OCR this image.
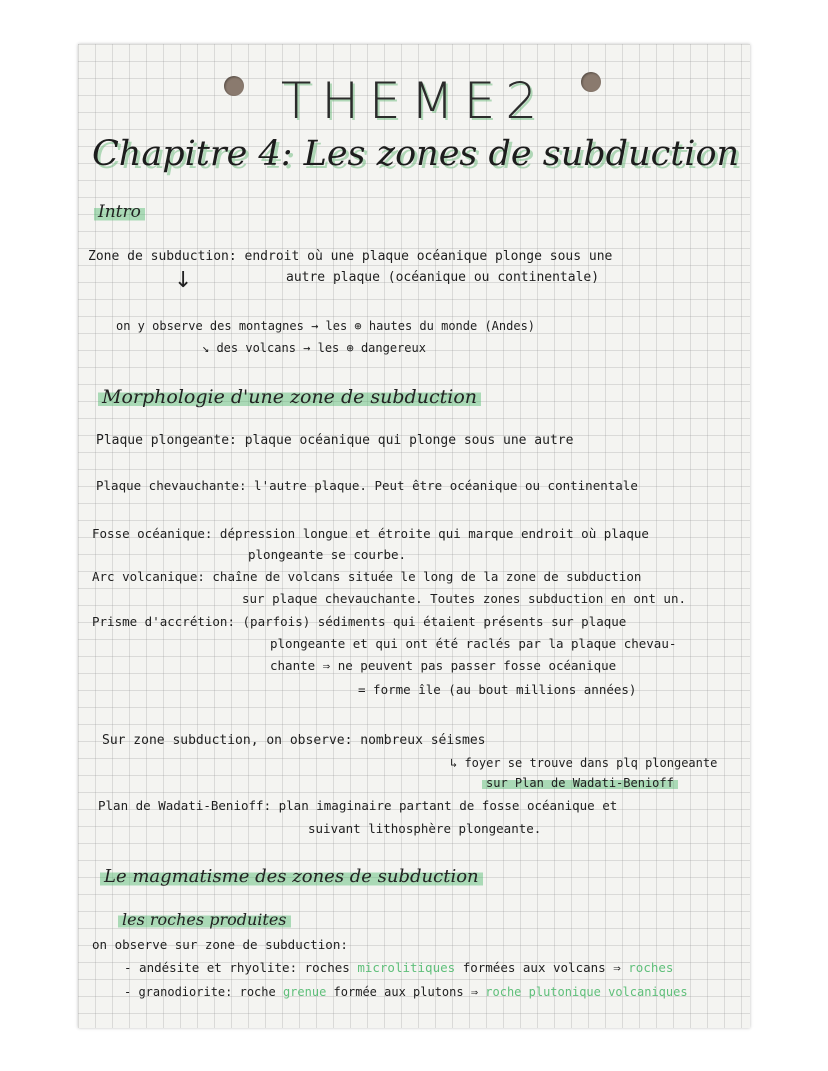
THEME2
Chapitre 4: Les zones de subduction
Intro
Zone de subduction: endroit où une plaque océanique plonge sous une
autre plaque (océanique ou continentale)
↓
on y observe des montagnes → les ⊕ hautes du monde (Andes)
↘ des volcans → les ⊕ dangereux
Morphologie d'une zone de subduction
Plaque plongeante: plaque océanique qui plonge sous une autre
Plaque chevauchante: l'autre plaque. Peut être océanique ou continentale
Fosse océanique: dépression longue et étroite qui marque endroit où plaque
plongeante se courbe.
Arc volcanique: chaîne de volcans située le long de la zone de subduction
sur plaque chevauchante. Toutes zones subduction en ont un.
Prisme d'accrétion: (parfois) sédiments qui étaient présents sur plaque
plongeante et qui ont été raclés par la plaque chevau-
chante ⇒ ne peuvent pas passer fosse océanique
= forme île (au bout millions années)
Sur zone subduction, on observe: nombreux séismes
↳ foyer se trouve dans plq plongeante
sur Plan de Wadati-Benioff
Plan de Wadati-Benioff: plan imaginaire partant de fosse océanique et
suivant lithosphère plongeante.
Le magmatisme des zones de subduction
les roches produites
on observe sur zone de subduction:
- andésite et rhyolite: roches microlitiques formées aux volcans ⇒ roches
- granodiorite: roche grenue formée aux plutons ⇒ roche plutonique volcaniques
